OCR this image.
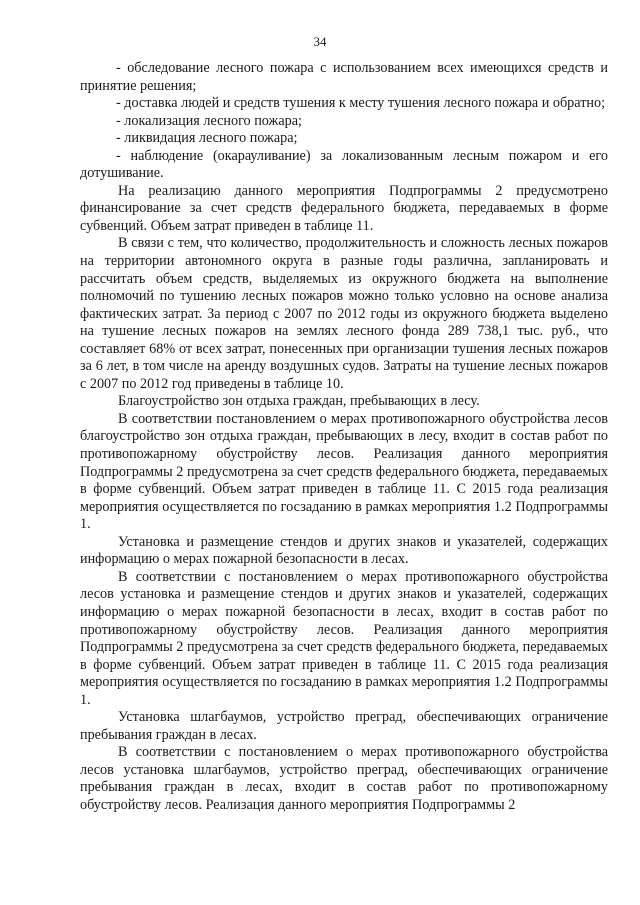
34

- обследование лесного пожара с использованием всех имеющихся средств и принятие решения;

- доставка людей и средств тушения к месту тушения лесного пожара и обратно;

- локализация лесного пожара;

- ликвидация лесного пожара;

- наблюдение (окарауливание) за локализованным лесным пожаром и его дотушивание.

На реализацию данного мероприятия Подпрограммы 2 предусмотрено финансирование за счет средств федерального бюджета, передаваемых в форме субвенций. Объем затрат приведен в таблице 11.

В связи с тем, что количество, продолжительность и сложность лесных пожаров на территории автономного округа в разные годы различна, запланировать и рассчитать объем средств, выделяемых из окружного бюджета на выполнение полномочий по тушению лесных пожаров можно только условно на основе анализа фактических затрат. За период с 2007 по 2012 годы из окружного бюджета выделено на тушение лесных пожаров на землях лесного фонда 289 738,1 тыс. руб., что составляет 68% от всех затрат, понесенных при организации тушения лесных пожаров за 6 лет, в том числе на аренду воздушных судов. Затраты на тушение лесных пожаров с 2007 по 2012 год приведены в таблице 10.

Благоустройство зон отдыха граждан, пребывающих в лесу.

В соответствии постановлением о мерах противопожарного обустройства лесов благоустройство зон отдыха граждан, пребывающих в лесу, входит в состав работ по противопожарному обустройству лесов. Реализация данного мероприятия Подпрограммы 2 предусмотрена за счет средств федерального бюджета, передаваемых в форме субвенций. Объем затрат приведен в таблице 11. С 2015 года реализация мероприятия осуществляется по госзаданию в рамках мероприятия 1.2 Подпрограммы 1.

Установка и размещение стендов и других знаков и указателей, содержащих информацию о мерах пожарной безопасности в лесах.

В соответствии с постановлением о мерах противопожарного обустройства лесов установка и размещение стендов и других знаков и указателей, содержащих информацию о мерах пожарной безопасности в лесах, входит в состав работ по противопожарному обустройству лесов. Реализация данного мероприятия Подпрограммы 2 предусмотрена за счет средств федерального бюджета, передаваемых в форме субвенций. Объем затрат приведен в таблице 11. С 2015 года реализация мероприятия осуществляется по госзаданию в рамках мероприятия 1.2 Подпрограммы 1.

Установка шлагбаумов, устройство преград, обеспечивающих ограничение пребывания граждан в лесах.

В соответствии с постановлением о мерах противопожарного обустройства лесов установка шлагбаумов, устройство преград, обеспечивающих ограничение пребывания граждан в лесах, входит в состав работ по противопожарному обустройству лесов. Реализация данного мероприятия Подпрограммы 2
